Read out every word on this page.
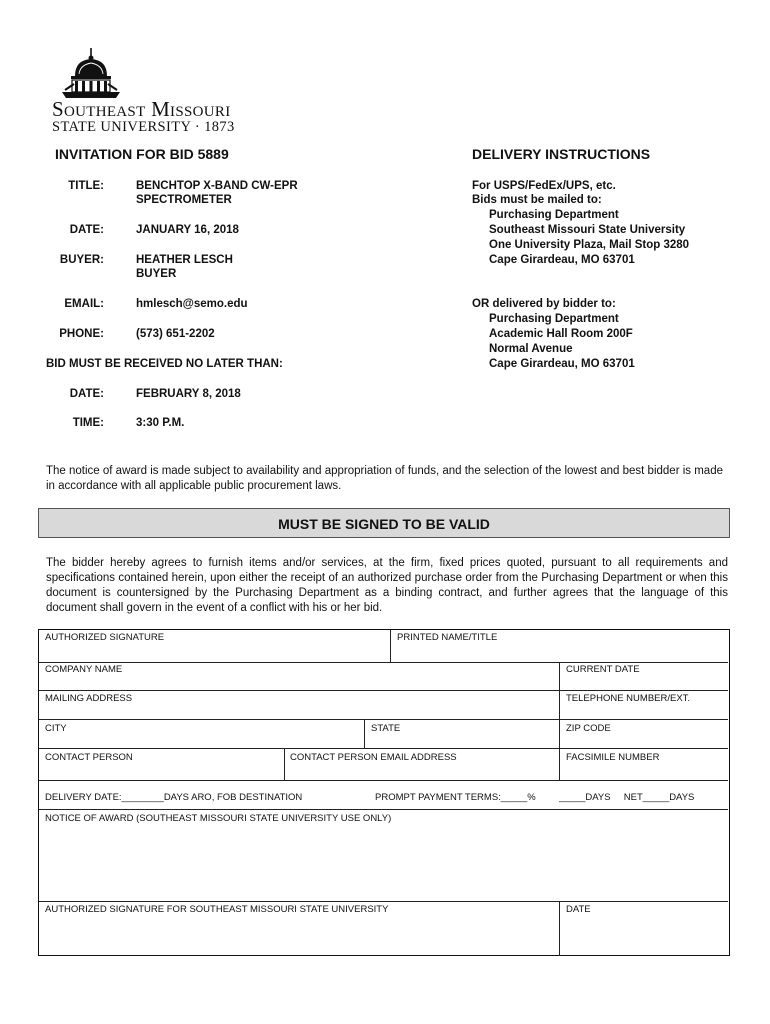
Southeast Missouri
STATE UNIVERSITY · 1873
INVITATION FOR BID 5889
TITLE:	BENCHTOP X-BAND CW-EPR
SPECTROMETER
DATE:	JANUARY 16, 2018
BUYER:	HEATHER LESCH
BUYER
EMAIL:	hmlesch@semo.edu
PHONE:	(573) 651-2202
BID MUST BE RECEIVED NO LATER THAN:
DATE:	FEBRUARY 8, 2018
TIME:	3:30 P.M.
DELIVERY INSTRUCTIONS
For USPS/FedEx/UPS, etc.
Bids must be mailed to:
Purchasing Department
Southeast Missouri State University
One University Plaza, Mail Stop 3280
Cape Girardeau, MO 63701
OR delivered by bidder to:
Purchasing Department
Academic Hall Room 200F
Normal Avenue
Cape Girardeau, MO 63701
The notice of award is made subject to availability and appropriation of funds, and the selection of the lowest and best bidder is made in accordance with all applicable public procurement laws.
MUST BE SIGNED TO BE VALID
The bidder hereby agrees to furnish items and/or services, at the firm, fixed prices quoted, pursuant to all requirements and specifications contained herein, upon either the receipt of an authorized purchase order from the Purchasing Department or when this document is countersigned by the Purchasing Department as a binding contract, and further agrees that the language of this document shall govern in the event of a conflict with his or her bid.
AUTHORIZED SIGNATURE	PRINTED NAME/TITLE
COMPANY NAME	CURRENT DATE
MAILING ADDRESS	TELEPHONE NUMBER/EXT.
CITY	STATE	ZIP CODE
CONTACT PERSON	CONTACT PERSON EMAIL ADDRESS	FACSIMILE NUMBER
DELIVERY DATE:________DAYS ARO, FOB DESTINATION	PROMPT PAYMENT TERMS:_____% _____DAYS     NET_____DAYS
NOTICE OF AWARD (SOUTHEAST MISSOURI STATE UNIVERSITY USE ONLY)
AUTHORIZED SIGNATURE FOR SOUTHEAST MISSOURI STATE UNIVERSITY	DATE
